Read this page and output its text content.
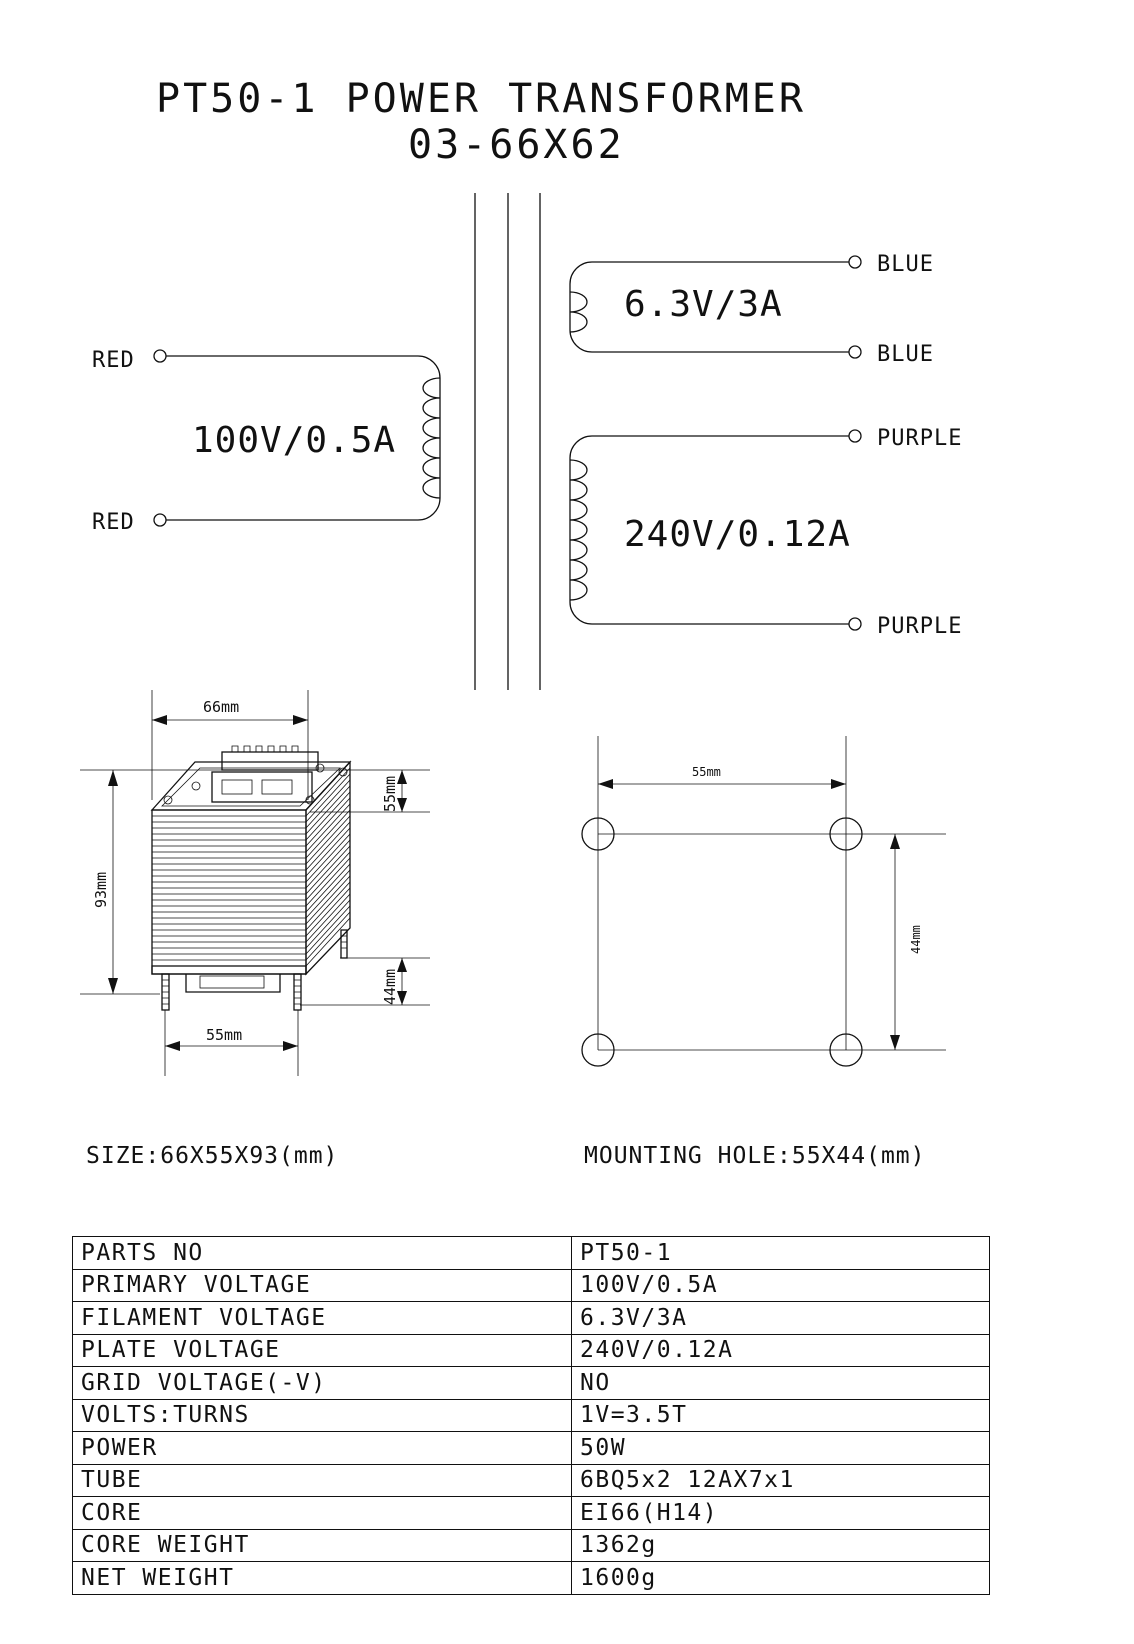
PT50-1 POWER TRANSFORMER
03-66X62
RED
RED
100V/0.5A
BLUE
BLUE
6.3V/3A
PURPLE
PURPLE
240V/0.12A
66mm
93mm
55mm
44mm
55mm
55mm
44mm
SIZE:66X55X93(mm)	MOUNTING HOLE:55X44(mm)
PARTS NO	PT50-1
PRIMARY VOLTAGE	100V/0.5A
FILAMENT VOLTAGE	6.3V/3A
PLATE VOLTAGE	240V/0.12A
GRID VOLTAGE(-V)	NO
VOLTS:TURNS	1V=3.5T
POWER	50W
TUBE	6BQ5x2 12AX7x1
CORE	EI66(H14)
CORE WEIGHT	1362g
NET WEIGHT	1600g
